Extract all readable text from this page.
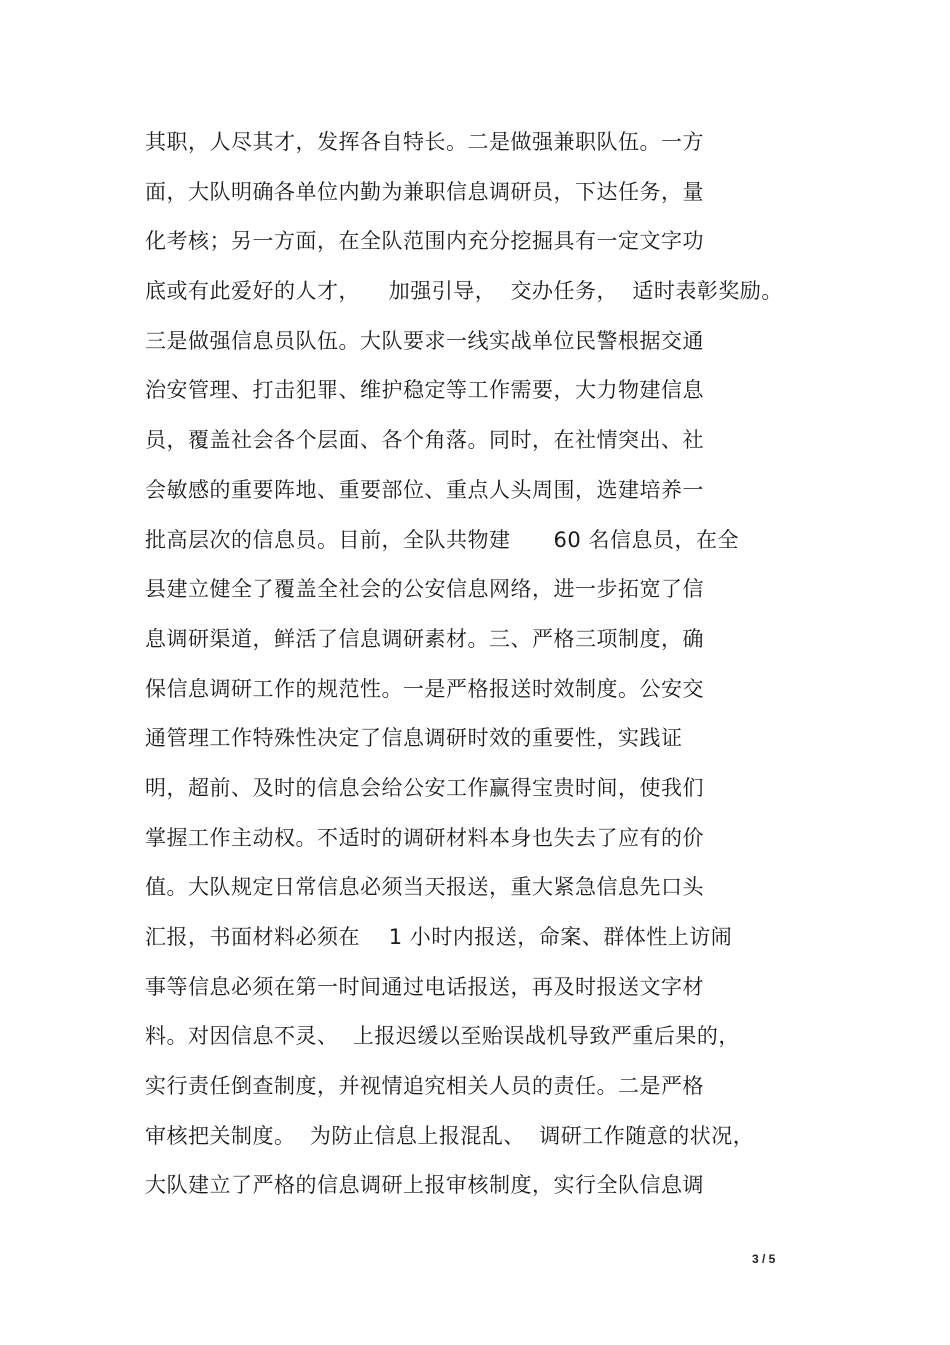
其职，人尽其才，发挥各自特长。二是做强兼职队伍。一方
面，大队明确各单位内勤为兼职信息调研员，下达任务，量
化考核；另一方面，在全队范围内充分挖掘具有一定文字功
底或有此爱好的人才，    加强引导，  交办任务，  适时表彰奖励。
三是做强信息员队伍。大队要求一线实战单位民警根据交通
治安管理、打击犯罪、维护稳定等工作需要，大力物建信息
员，覆盖社会各个层面、各个角落。同时，在社情突出、社
会敏感的重要阵地、重要部位、重点人头周围，选建培养一
批高层次的信息员。目前，全队共物建      60 名信息员，在全
县建立健全了覆盖全社会的公安信息网络，进一步拓宽了信
息调研渠道，鲜活了信息调研素材。三、严格三项制度，确
保信息调研工作的规范性。一是严格报送时效制度。公安交
通管理工作特殊性决定了信息调研时效的重要性，实践证
明，超前、及时的信息会给公安工作赢得宝贵时间，使我们
掌握工作主动权。不适时的调研材料本身也失去了应有的价
值。大队规定日常信息必须当天报送，重大紧急信息先口头
汇报，书面材料必须在    1 小时内报送，命案、群体性上访闹
事等信息必须在第一时间通过电话报送，再及时报送文字材
料。对因信息不灵、  上报迟缓以至贻误战机导致严重后果的，
实行责任倒查制度，并视情追究相关人员的责任。二是严格
审核把关制度。  为防止信息上报混乱、  调研工作随意的状况，
大队建立了严格的信息调研上报审核制度，实行全队信息调
3 / 5
